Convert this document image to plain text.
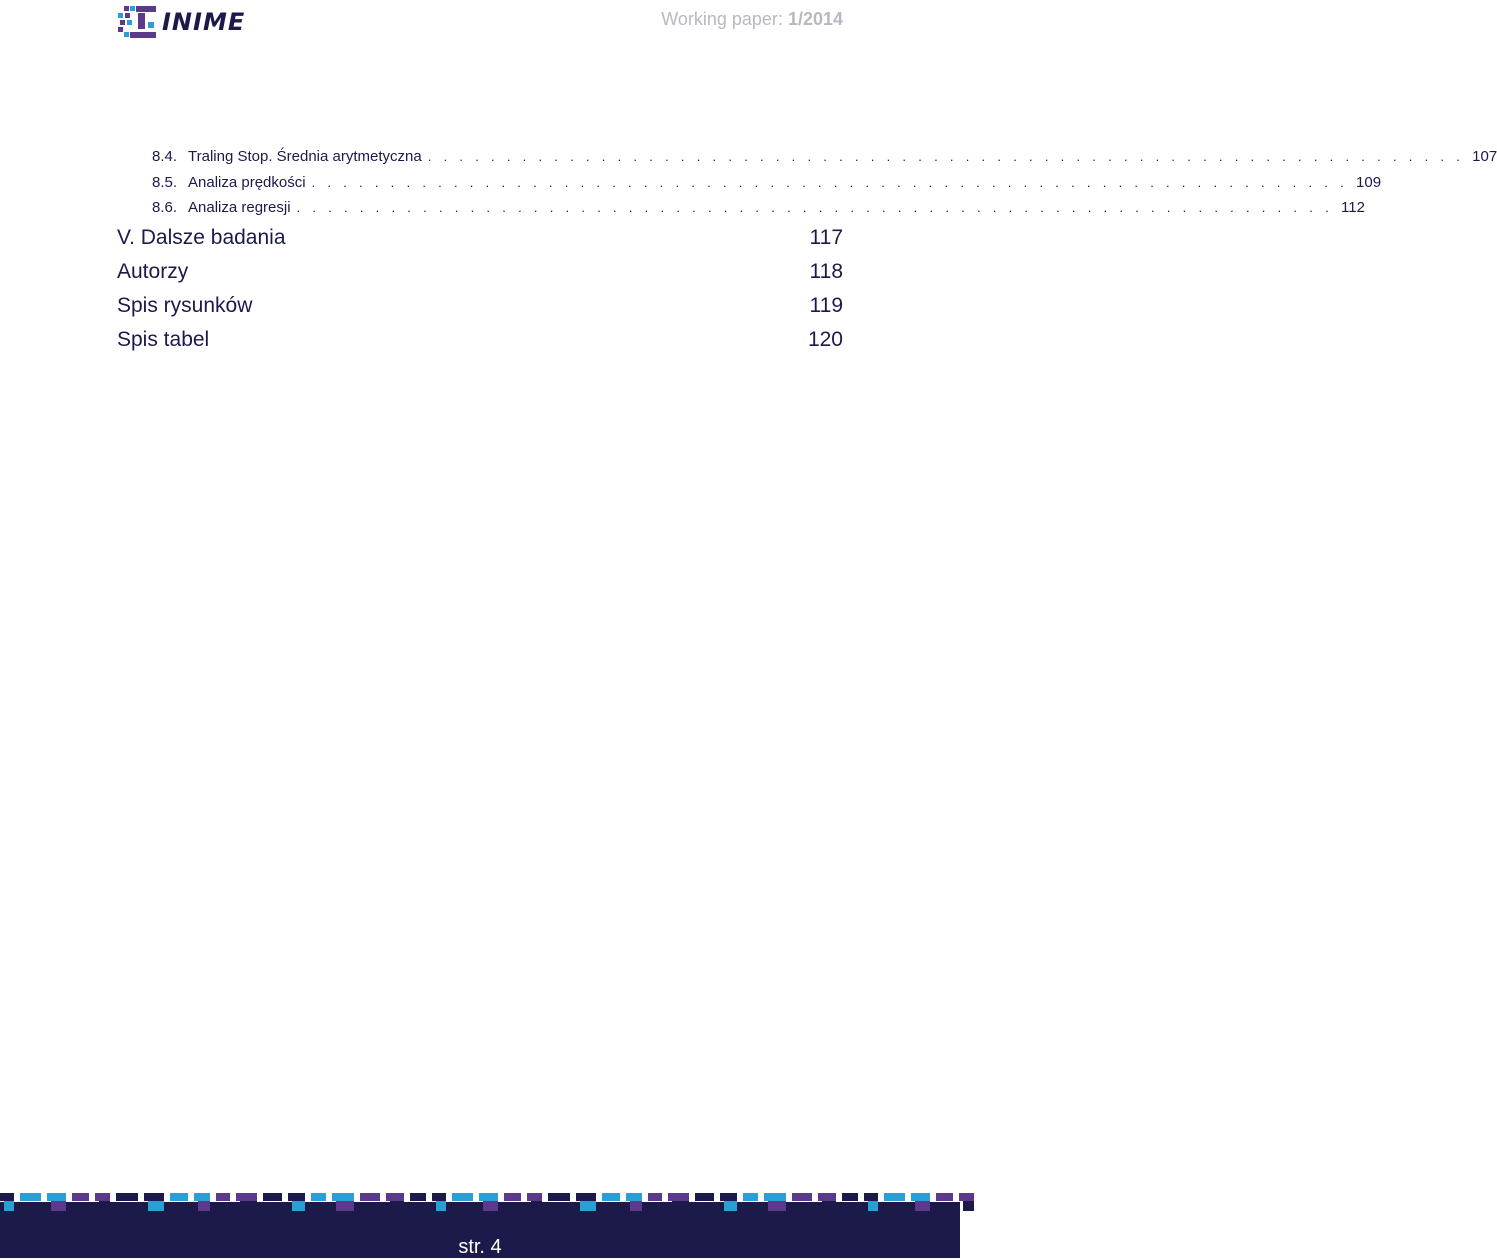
INIME	Working paper: 1/2014
8.4. Traling Stop. Średnia arytmetyczna . . . . . . . . . . . . . . . . . . . . . . . . . . . . . . . . . . . . . . . . . . . . . . . . . . . . . . . . . . . . . . . . . . 107
8.5. Analiza prędkości . . . . . . . . . . . . . . . . . . . . . . . . . . . . . . . . . . . . . . . . . . . . . . . . . . . . . . . . . . . . . . . . . . 109
8.6. Analiza regresji . . . . . . . . . . . . . . . . . . . . . . . . . . . . . . . . . . . . . . . . . . . . . . . . . . . . . . . . . . . . . . . . . . 112
V. Dalsze badania	117
Autorzy	118
Spis rysunków	119
Spis tabel	120
str. 4
